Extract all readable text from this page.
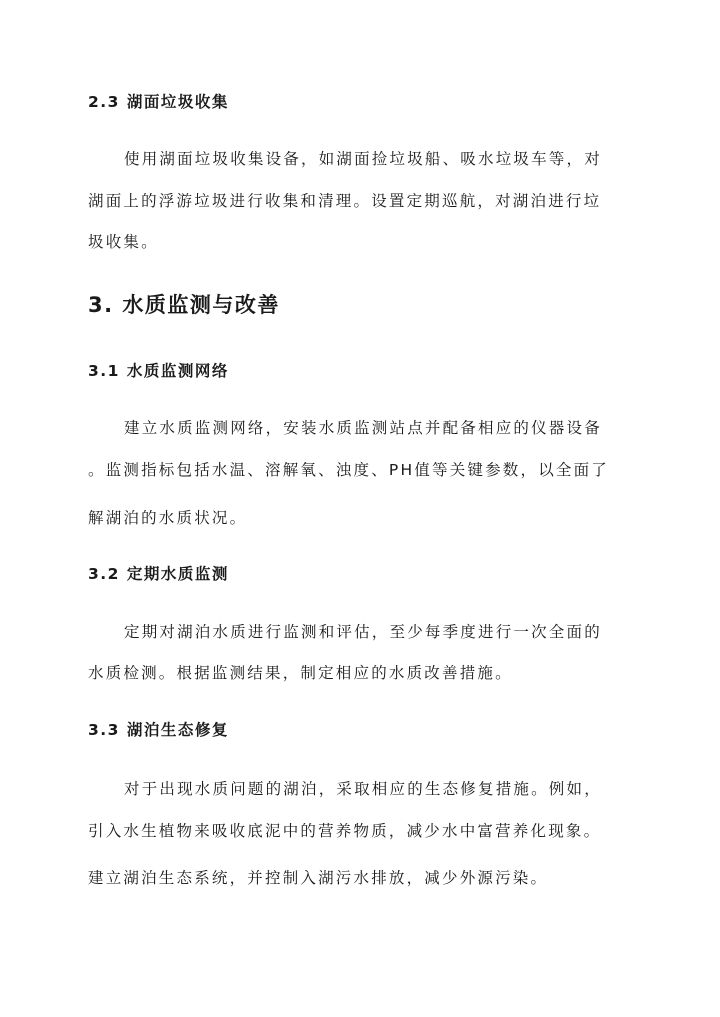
2.3 湖面垃圾收集
使用湖面垃圾收集设备，如湖面捡垃圾船、吸水垃圾车等，对
湖面上的浮游垃圾进行收集和清理。设置定期巡航，对湖泊进行垃
圾收集。
3. 水质监测与改善
3.1 水质监测网络
建立水质监测网络，安装水质监测站点并配备相应的仪器设备
。监测指标包括水温、溶解氧、浊度、PH值等关键参数，以全面了
解湖泊的水质状况。
3.2 定期水质监测
定期对湖泊水质进行监测和评估，至少每季度进行一次全面的
水质检测。根据监测结果，制定相应的水质改善措施。
3.3 湖泊生态修复
对于出现水质问题的湖泊，采取相应的生态修复措施。例如，
引入水生植物来吸收底泥中的营养物质，减少水中富营养化现象。
建立湖泊生态系统，并控制入湖污水排放，减少外源污染。
